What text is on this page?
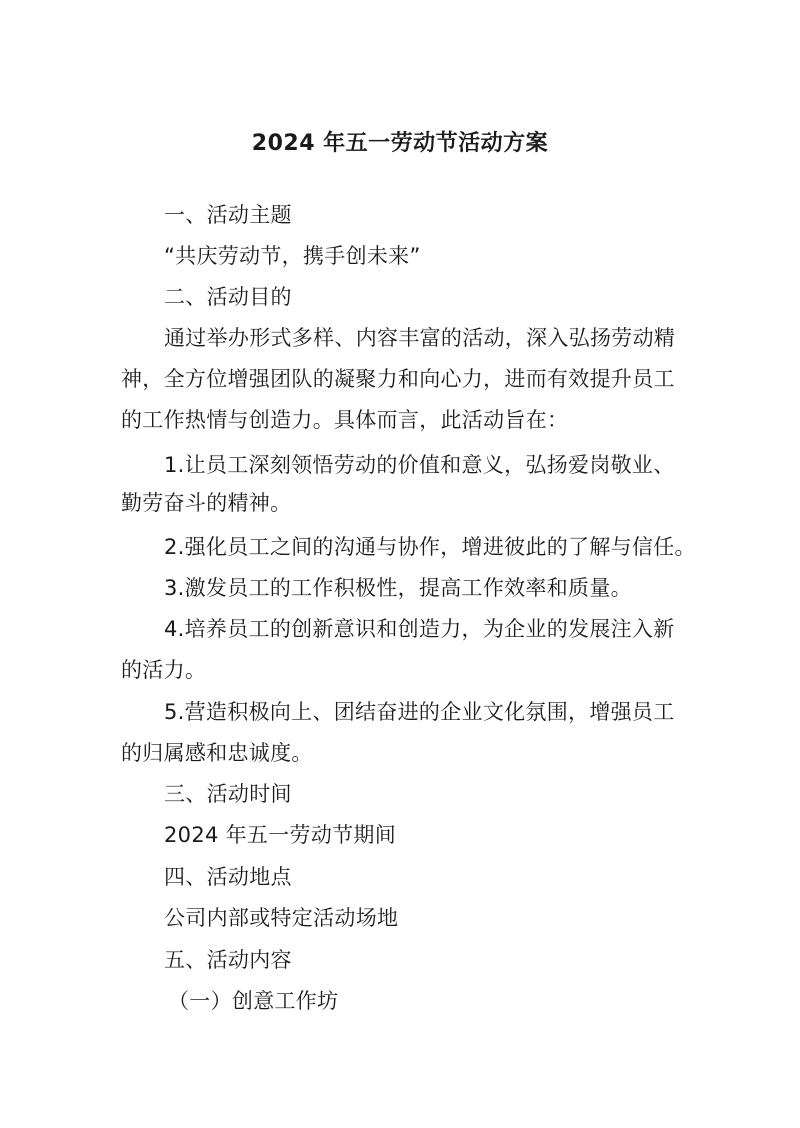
2024 年五一劳动节活动方案
一、活动主题
“共庆劳动节，携手创未来”
二、活动目的
通过举办形式多样、内容丰富的活动，深入弘扬劳动精
神，全方位增强团队的凝聚力和向心力，进而有效提升员工
的工作热情与创造力。具体而言，此活动旨在：
1.让员工深刻领悟劳动的价值和意义，弘扬爱岗敬业、
勤劳奋斗的精神。
2.强化员工之间的沟通与协作，增进彼此的了解与信任。
3.激发员工的工作积极性，提高工作效率和质量。
4.培养员工的创新意识和创造力，为企业的发展注入新
的活力。
5.营造积极向上、团结奋进的企业文化氛围，增强员工
的归属感和忠诚度。
三、活动时间
2024 年五一劳动节期间
四、活动地点
公司内部或特定活动场地
五、活动内容
（一）创意工作坊
